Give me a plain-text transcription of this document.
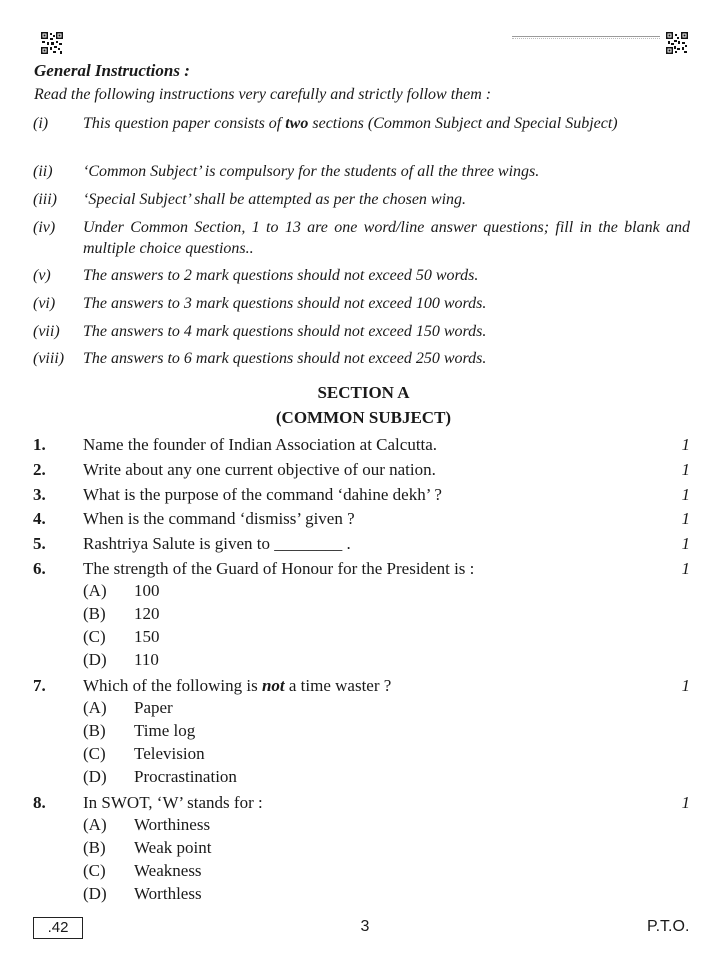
General Instructions :
Read the following instructions very carefully and strictly follow them :
(i) This question paper consists of two sections (Common Subject and Special Subject)
(ii) ‘Common Subject’ is compulsory for the students of all the three wings.
(iii) ‘Special Subject’ shall be attempted as per the chosen wing.
(iv) Under Common Section, 1 to 13 are one word/line answer questions; fill in the blank and multiple choice questions..
(v) The answers to 2 mark questions should not exceed 50 words.
(vi) The answers to 3 mark questions should not exceed 100 words.
(vii) The answers to 4 mark questions should not exceed 150 words.
(viii) The answers to 6 mark questions should not exceed 250 words.
SECTION A
(COMMON SUBJECT)
1. Name the founder of Indian Association at Calcutta.	1
2. Write about any one current objective of our nation.	1
3. What is the purpose of the command ‘dahine dekh’ ?	1
4. When is the command ‘dismiss’ given ?	1
5. Rashtriya Salute is given to ________ .	1
6. The strength of the Guard of Honour for the President is :	1
(A) 100
(B) 120
(C) 150
(D) 110
7. Which of the following is not a time waster ?	1
(A) Paper
(B) Time log
(C) Television
(D) Procrastination
8. In SWOT, ‘W’ stands for :	1
(A) Worthiness
(B) Weak point
(C) Weakness
(D) Worthless
.42	3	P.T.O.
